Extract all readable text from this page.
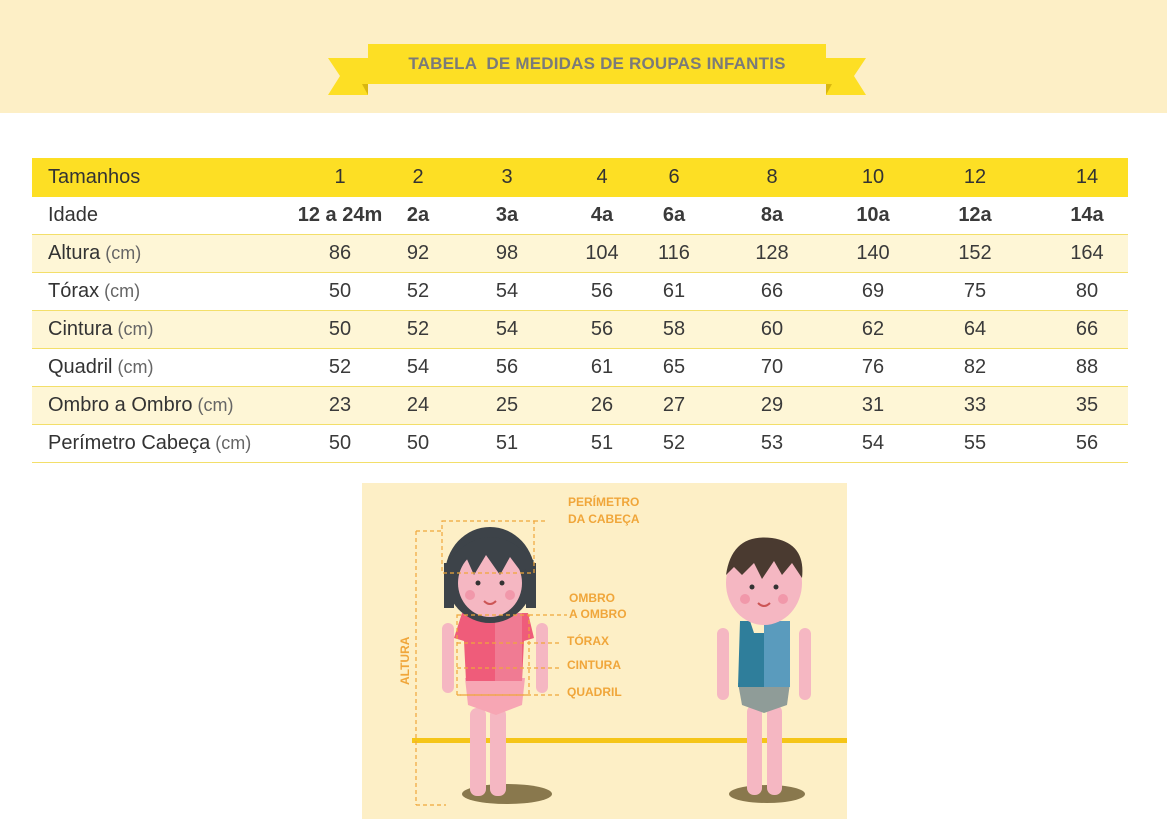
TABELA  DE MEDIDAS DE ROUPAS INFANTIS
Tamanhos	1	2	3	4	6	8	10	12	14
Idade	12 a 24m	2a	3a	4a	6a	8a	10a	12a	14a
Altura (cm)	86	92	98	104	116	128	140	152	164
Tórax (cm)	50	52	54	56	61	66	69	75	80
Cintura (cm)	50	52	54	56	58	60	62	64	66
Quadril (cm)	52	54	56	61	65	70	76	82	88
Ombro a Ombro (cm)	23	24	25	26	27	29	31	33	35
Perímetro Cabeça (cm)	50	50	51	51	52	53	54	55	56
PERÍMETRO
DA CABEÇA
OMBRO
A OMBRO
TÓRAX
CINTURA
QUADRIL
ALTURA
